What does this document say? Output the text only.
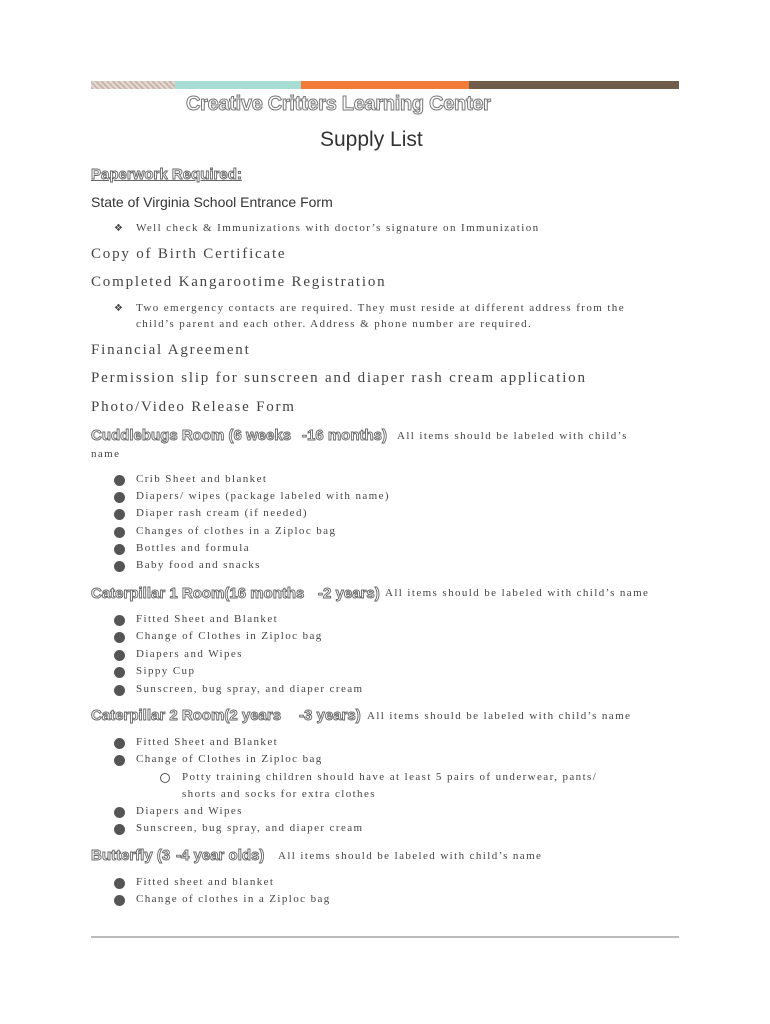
Creative Critters Learning Center
Supply List
Paperwork Required:
State of Virginia School Entrance Form
❖ Well check & Immunizations with doctor’s signature on Immunization
Copy of Birth Certificate
Completed Kangarootime Registration
❖ Two emergency contacts are required. They must reside at different address from the
child’s parent and each other. Address & phone number are required.
Financial Agreement
Permission slip for sunscreen and diaper rash cream application
Photo/Video Release Form
Cuddlebugs Room (6 weeks -16 months) All items should be labeled with child’s
name
Crib Sheet and blanket
Diapers/ wipes (package labeled with name)
Diaper rash cream (if needed)
Changes of clothes in a Ziploc bag
Bottles and formula
Baby food and snacks
Caterpillar 1 Room(16 months -2 years) All items should be labeled with child’s name
Fitted Sheet and Blanket
Change of Clothes in Ziploc bag
Diapers and Wipes
Sippy Cup
Sunscreen, bug spray, and diaper cream
Caterpillar 2 Room(2 years -3 years) All items should be labeled with child’s name
Fitted Sheet and Blanket
Change of Clothes in Ziploc bag
Potty training children should have at least 5 pairs of underwear, pants/
shorts and socks for extra clothes
Diapers and Wipes
Sunscreen, bug spray, and diaper cream
Butterfly (3 -4 year olds) All items should be labeled with child’s name
Fitted sheet and blanket
Change of clothes in a Ziploc bag
